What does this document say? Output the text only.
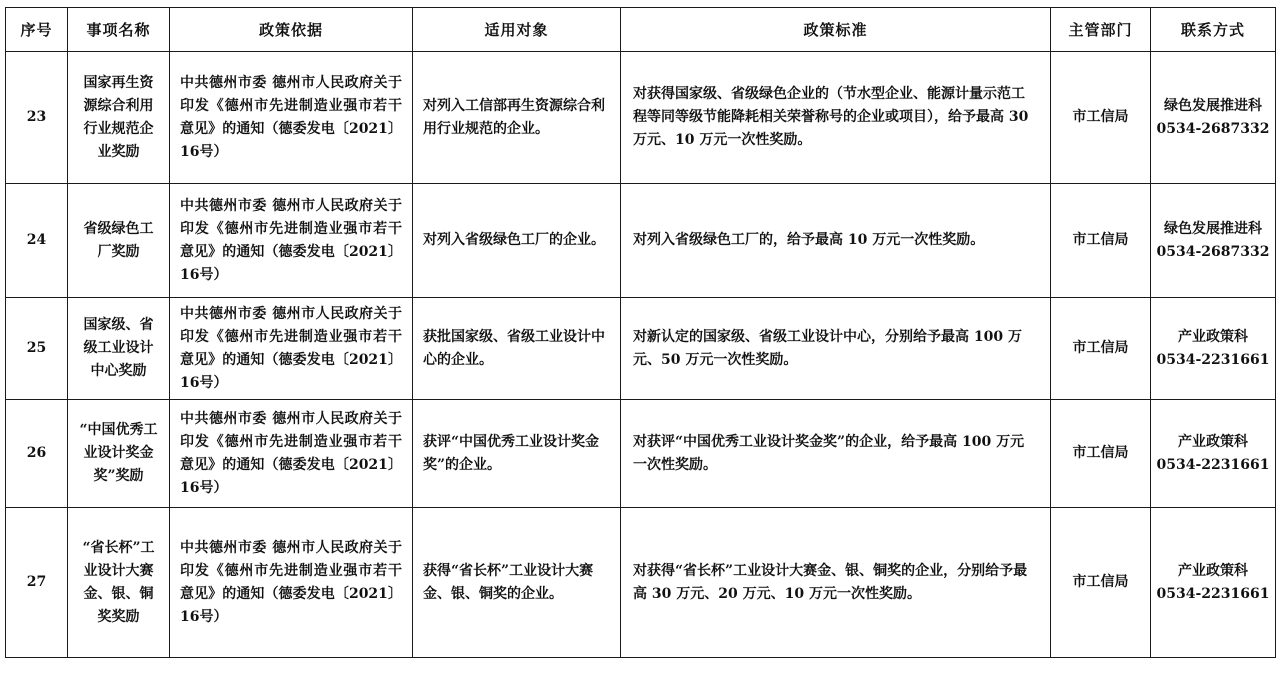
序号	事项名称	政策依据	适用对象	政策标准	主管部门	联系方式
23	国家再生资源综合利用行业规范企业奖励	中共德州市委 德州市人民政府关于印发《德州市先进制造业强市若干意见》的通知（德委发电〔2021〕16号）	对列入工信部再生资源综合利用行业规范的企业。	对获得国家级、省级绿色企业的（节水型企业、能源计量示范工程等同等级节能降耗相关荣誉称号的企业或项目），给予最高 30 万元、10 万元一次性奖励。	市工信局	绿色发展推进科
0534-2687332

24	省级绿色工厂奖励	中共德州市委 德州市人民政府关于印发《德州市先进制造业强市若干意见》的通知（德委发电〔2021〕16号）	对列入省级绿色工厂的企业。	对列入省级绿色工厂的，给予最高 10 万元一次性奖励。	市工信局	绿色发展推进科
0534-2687332

25	国家级、省级工业设计中心奖励	中共德州市委 德州市人民政府关于印发《德州市先进制造业强市若干意见》的通知（德委发电〔2021〕16号）	获批国家级、省级工业设计中心的企业。	对新认定的国家级、省级工业设计中心，分别给予最高 100 万元、50 万元一次性奖励。	市工信局	产业政策科
0534-2231661

26	“中国优秀工业设计奖金奖”奖励	中共德州市委 德州市人民政府关于印发《德州市先进制造业强市若干意见》的通知（德委发电〔2021〕16号）	获评“中国优秀工业设计奖金奖”的企业。	对获评“中国优秀工业设计奖金奖”的企业，给予最高 100 万元一次性奖励。	市工信局	产业政策科
0534-2231661

27	“省长杯”工业设计大赛金、银、铜奖奖励	中共德州市委 德州市人民政府关于印发《德州市先进制造业强市若干意见》的通知（德委发电〔2021〕16号）	获得“省长杯”工业设计大赛金、银、铜奖的企业。	对获得“省长杯”工业设计大赛金、银、铜奖的企业，分别给予最高 30 万元、20 万元、10 万元一次性奖励。	市工信局	产业政策科
0534-2231661
